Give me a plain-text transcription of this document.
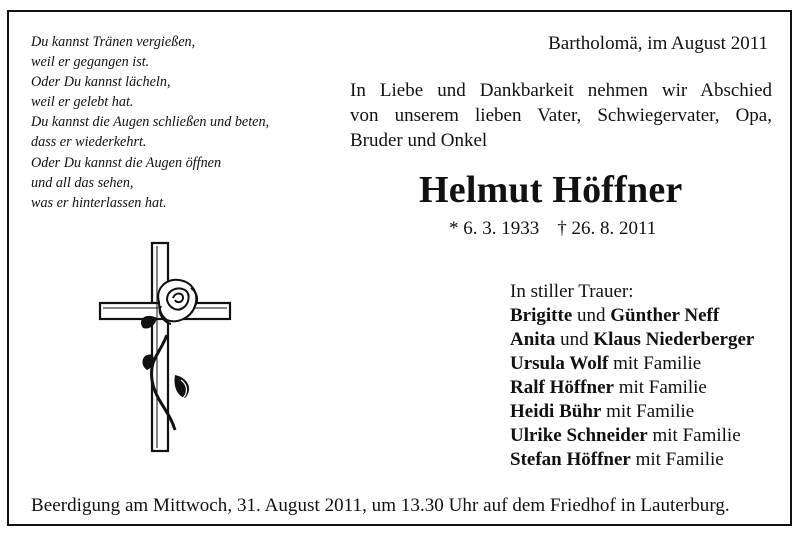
Du kannst Tränen vergießen,
weil er gegangen ist.
Oder Du kannst lächeln,
weil er gelebt hat.
Du kannst die Augen schließen und beten,
dass er wiederkehrt.
Oder Du kannst die Augen öffnen
und all das sehen,
was er hinterlassen hat.
Bartholomä, im August 2011
In Liebe und Dankbarkeit nehmen wir Abschied
von unserem lieben Vater, Schwiegervater, Opa,
Bruder und Onkel
Helmut Höffner
* 6. 3. 1933 † 26. 8. 2011
In stiller Trauer:
Brigitte und Günther Neff
Anita und Klaus Niederberger
Ursula Wolf mit Familie
Ralf Höffner mit Familie
Heidi Bühr mit Familie
Ulrike Schneider mit Familie
Stefan Höffner mit Familie
Beerdigung am Mittwoch, 31. August 2011, um 13.30 Uhr auf dem Friedhof in Lauterburg.
